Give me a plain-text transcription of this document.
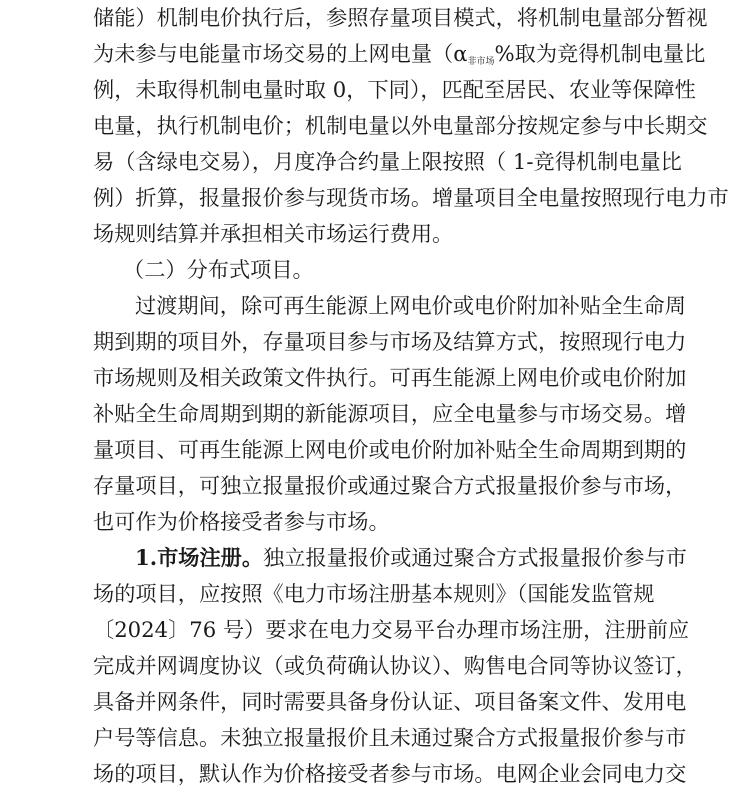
储能）机制电价执行后，参照存量项目模式，将机制电量部分暂视
为未参与电能量市场交易的上网电量（$\alpha_{非市场}\%$取为竞得机制电量比
例，未取得机制电量时取 0，下同），匹配至居民、农业等保障性
电量，执行机制电价；机制电量以外电量部分按规定参与中长期交
易（含绿电交易），月度净合约量上限按照（ 1-竞得机制电量比
例）折算，报量报价参与现货市场。增量项目全电量按照现行电力市
场规则结算并承担相关市场运行费用。
（二）分布式项目。
过渡期间，除可再生能源上网电价或电价附加补贴全生命周
期到期的项目外，存量项目参与市场及结算方式，按照现行电力
市场规则及相关政策文件执行。可再生能源上网电价或电价附加
补贴全生命周期到期的新能源项目，应全电量参与市场交易。增
量项目、可再生能源上网电价或电价附加补贴全生命周期到期的
存量项目，可独立报量报价或通过聚合方式报量报价参与市场，
也可作为价格接受者参与市场。
1.市场注册。独立报量报价或通过聚合方式报量报价参与市
场的项目，应按照《电力市场注册基本规则》（国能发监管规
〔2024〕76 号）要求在电力交易平台办理市场注册，注册前应
完成并网调度协议（或负荷确认协议）、购售电合同等协议签订，
具备并网条件，同时需要具备身份认证、项目备案文件、发用电
户号等信息。未独立报量报价且未通过聚合方式报量报价参与市
场的项目，默认作为价格接受者参与市场。电网企业会同电力交
